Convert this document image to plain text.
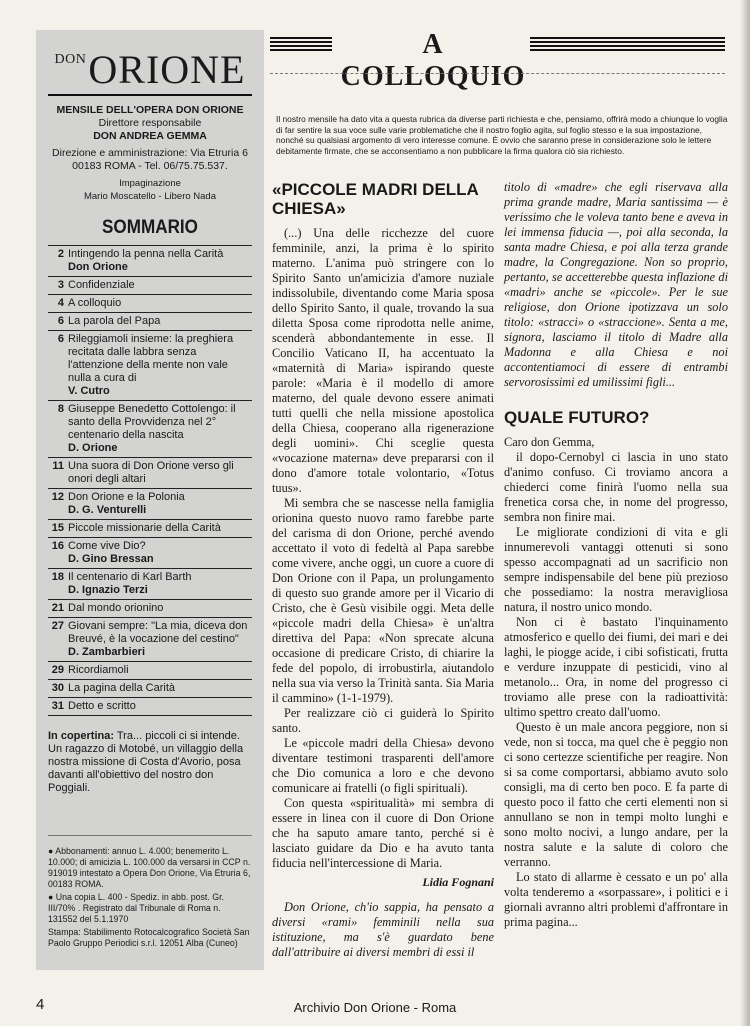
DON ORIONE
MENSILE DELL'OPERA DON ORIONE
Direttore responsabile
DON ANDREA GEMMA
Direzione e amministrazione: Via Etruria 6
00183 ROMA - Tel. 06/75.75.537.
Impaginazione
Mario Moscatello - Libero Nada
SOMMARIO
2 Intingendo la penna nella Carità
Don Orione
3 Confidenziale
4 A colloquio
6 La parola del Papa
6 Rileggiamoli insieme: la preghiera recitata dalle labbra senza l'attenzione della mente non vale nulla a cura di
V. Cutro
8 Giuseppe Benedetto Cottolengo: il santo della Provvidenza nel 2° centenario della nascita
D. Orione
11 Una suora di Don Orione verso gli onori degli altari
12 Don Orione e la Polonia
D. G. Venturelli
15 Piccole missionarie della Carità
16 Come vive Dio?
D. Gino Bressan
18 Il centenario di Karl Barth
D. Ignazio Terzi
21 Dal mondo orionino
27 Giovani sempre: "La mia, diceva don Breuvé, è la vocazione del cestino"
D. Zambarbieri
29 Ricordiamoli
30 La pagina della Carità
31 Detto e scritto
In copertina: Tra... piccoli ci si intende. Un ragazzo di Motobé, un villaggio della nostra missione di Costa d'Avorio, posa davanti all'obiettivo del nostro don Poggiali.

● Abbonamenti: annuo L. 4.000; benemerito L. 10.000; di amicizia L. 100.000 da versarsi in CCP n. 919019 intestato a Opera Don Orione, Via Etruria 6, 00183 ROMA.

● Una copia L. 400 - Spediz. in abb. post. Gr. III/70% . Registrato dal Tribunale di Roma n. 131552 del 5.1.1970

Stampa: Stabilimento Rotocalcografico Società San Paolo Gruppo Periodici s.r.l. 12051 Alba (Cuneo)

4
A COLLOQUIO
Il nostro mensile ha dato vita a questa rubrica da diverse parti richiesta e che, pensiamo, offrirà modo a chiunque lo voglia di far sentire la sua voce sulle varie problematiche che il nostro foglio agita, sul foglio stesso e la sua impostazione, nonché su qualsiasi argomento di vero interesse comune. È ovvio che saranno prese in considerazione solo le lettere debitamente firmate, che se acconsentiamo a non pubblicare la firma qualora ciò sia richiesto.
«PICCOLE MADRI DELLA CHIESA»

(...) Una delle ricchezze del cuore femminile, anzi, la prima è lo spirito materno. L'anima può stringere con lo Spirito Santo un'amicizia d'amore nuziale indissolubile, diventando come Maria sposa dello Spirito Santo, il quale, trovando la sua diletta Sposa come riprodotta nelle anime, scenderà abbondantemente in esse. Il Concilio Vaticano II, ha accentuato la «maternità di Maria» ispirando queste parole: «Maria è il modello di amore materno, del quale devono essere animati tutti quelli che nella missione apostolica della Chiesa, cooperano alla rigenerazione degli uomini». Chi sceglie questa «vocazione materna» deve prepararsi con il dono d'amore totale volontario, «Totus tuus».

Mi sembra che se nascesse nella famiglia orionina questo nuovo ramo farebbe parte del carisma di don Orione, perché avendo accettato il voto di fedeltà al Papa sarebbe come vivere, anche oggi, un cuore a cuore di Don Orione con il Papa, un prolungamento di questo suo grande amore per il Vicario di Cristo, che è Gesù visibile oggi. Meta delle «piccole madri della Chiesa» è un'altra direttiva del Papa: «Non sprecate alcuna occasione di predicare Cristo, di chiarire la fede del popolo, di irrobustirla, aiutandolo nella sua via verso la Trinità santa. Sia Maria il cammino» (1-1-1979).

Per realizzare ciò ci guiderà lo Spirito santo.

Le «piccole madri della Chiesa» devono diventare testimoni trasparenti dell'amore che Dio comunica a loro e che devono comunicare ai fratelli (o figli spirituali).

Con questa «spiritualità» mi sembra di essere in linea con il cuore di Don Orione che ha saputo amare tanto, perché si è lasciato guidare da Dio e ha avuto tanta fiducia nell'intercessione di Maria.

Lidia Fognani

Don Orione, ch'io sappia, ha pensato a diversi «rami» femminili nella sua istituzione, ma s'è guardato bene dall'attribuire ai diversi membri di essi il

titolo di «madre» che egli riservava alla prima grande madre, Maria santissima — è verissimo che le voleva tanto bene e aveva in lei immensa fiducia —, poi alla seconda, la santa madre Chiesa, e poi alla terza grande madre, la Congregazione. Non so proprio, pertanto, se accetterebbe questa inflazione di «madri» anche se «piccole». Per le sue religiose, don Orione ipotizzava un solo titolo: «stracci» o «straccione». Senta a me, signora, lasciamo il titolo di Madre alla Madonna e alla Chiesa e noi accontentiamoci di essere di entrambi servorosissimi ed umilissimi figli...

QUALE FUTURO?

Caro don Gemma,

il dopo-Cernobyl ci lascia in uno stato d'animo confuso. Ci troviamo ancora a chiederci come finirà l'uomo nella sua frenetica corsa che, in nome del progresso, sembra non finire mai.

Le migliorate condizioni di vita e gli innumerevoli vantaggi ottenuti si sono spesso accompagnati ad un sacrificio non sempre indispensabile del bene più prezioso che possediamo: la nostra meravigliosa natura, il nostro unico mondo.

Non ci è bastato l'inquinamento atmosferico e quello dei fiumi, dei mari e dei laghi, le piogge acide, i cibi sofisticati, frutta e verdure inzuppate di pesticidi, vino al metanolo... Ora, in nome del progresso ci troviamo alle prese con la radioattività: ultimo spettro creato dall'uomo.

Questo è un male ancora peggiore, non si vede, non si tocca, ma quel che è peggio non ci sono certezze scientifiche per reagire. Non si sa come comportarsi, abbiamo avuto solo consigli, ma di certo ben poco. E fa parte di questo poco il fatto che certi elementi non si annullano se non in tempi molto lunghi e sono molto nocivi, a lungo andare, per la nostra salute e la salute di coloro che verranno.

Lo stato di allarme è cessato e un po' alla volta tenderemo a «sorpassare», i politici e i giornali avranno altri problemi d'affrontare in prima pagina...

Archivio Don Orione - Roma
